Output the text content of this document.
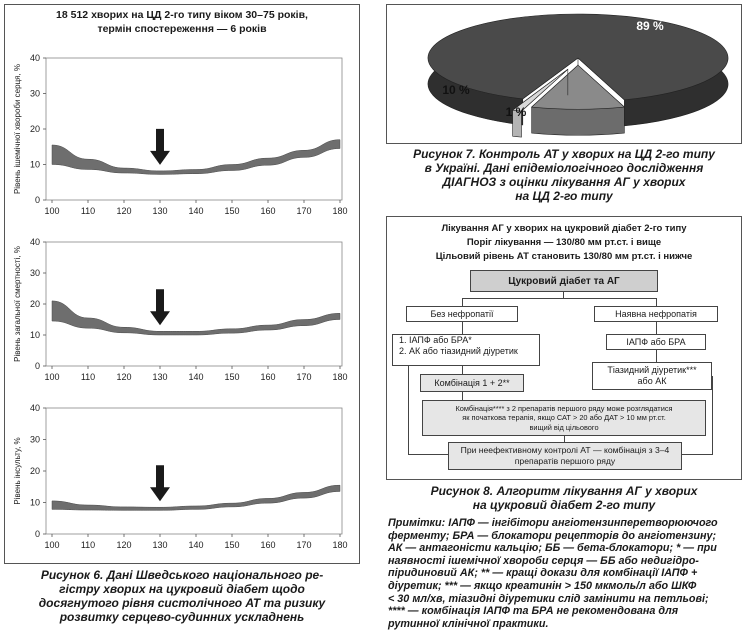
18 512 хворих на ЦД 2-го типу віком 30–75 років,
термін спостереження — 6 років
0
10
20
30
40
100 110 120 130 140 150 160 170 180
Рівень ішемічної хвороби серця, %
0
10
20
30
40
100 110 120 130 140 150 160 170 180
Рівень загальної смертності, %
0
10
20
30
40
100 110 120 130 140 150 160 170 180
Рівень інсульту, %
Рисунок 6. Дані Шведського національного ре-
гістру хворих на цукровий діабет щодо
досягнутого рівня систолічного АТ та ризику
розвитку серцево-судинних ускладнень
89 %
10 %
1 %
Рисунок 7. Контроль АТ у хворих на ЦД 2-го типу
в Україні. Дані епідеміологічного дослідження
ДІАГНОЗ з оцінки лікування АГ у хворих
на ЦД 2-го типу
Лікування АГ у хворих на цукровий діабет 2-го типу
Поріг лікування — 130/80 мм рт.ст. і вище
Цільовий рівень АТ становить 130/80 мм рт.ст. і нижче
Цукровий діабет та АГ
Без нефропатії	Наявна нефропатія
1. ІАПФ або БРА*
2. АК або тіазидний діуретик
ІАПФ або БРА
Комбінація 1 + 2**
Тіазидний діуретик***
або АК
Комбінація**** з 2 препаратів першого ряду може розглядатися
як початкова терапія, якщо САТ > 20 або ДАТ > 10 мм рт.ст.
вищий від цільового
При неефективному контролі АТ — комбінація з 3–4
препаратів першого ряду
Рисунок 8. Алгоритм лікування АГ у хворих
на цукровий діабет 2-го типу
Примітки: ІАПФ — інгібітори ангіотензинперетворюючого
ферменту; БРА — блокатори рецепторів до ангіотензину;
АК — антагоністи кальцію; ББ — бета-блокатори; * — при
наявності ішемічної хвороби серця — ББ або недигідро-
піридиновий АК; ** — кращі докази для комбінації ІАПФ +
діуретик; *** — якщо креатинін > 150 мкмоль/л або ШКФ
< 30 мл/хв, тіазидні діуретики слід замінити на петльові;
**** — комбінація ІАПФ та БРА не рекомендована для
рутинної клінічної практики.
